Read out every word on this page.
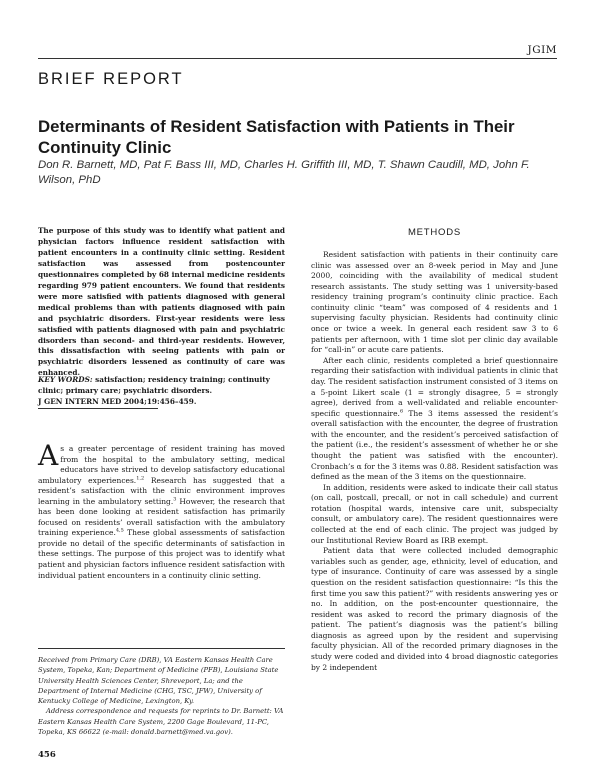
JGIM
BRIEF REPORT
Determinants of Resident Satisfaction with Patients in Their Continuity Clinic
Don R. Barnett, MD, Pat F. Bass III, MD, Charles H. Griffith III, MD, T. Shawn Caudill, MD, John F. Wilson, PhD
The purpose of this study was to identify what patient and physician factors influence resident satisfaction with patient encounters in a continuity clinic setting. Resident satisfaction was assessed from postencounter questionnaires completed by 68 internal medicine residents regarding 979 patient encounters. We found that residents were more satisfied with patients diagnosed with general medical problems than with patients diagnosed with pain and psychiatric disorders. First-year residents were less satisfied with patients diagnosed with pain and psychiatric disorders than second- and third-year residents. However, this dissatisfaction with seeing patients with pain or psychiatric disorders lessened as continuity of care was enhanced.
KEY WORDS: satisfaction; residency training; continuity clinic; primary care; psychiatric disorders.
J GEN INTERN MED 2004;19:456–459.
As a greater percentage of resident training has moved from the hospital to the ambulatory setting, medical educators have strived to develop satisfactory educational ambulatory experiences.$^{1,2}$ Research has suggested that a resident’s satisfaction with the clinic environment improves learning in the ambulatory setting.$^3$ However, the research that has been done looking at resident satisfaction has primarily focused on residents’ overall satisfaction with the ambulatory training experience.$^{4,5}$ These global assessments of satisfaction provide no detail of the specific determinants of satisfaction in these settings. The purpose of this project was to identify what patient and physician factors influence resident satisfaction with individual patient encounters in a continuity clinic setting.

Received from Primary Care (DRB), VA Eastern Kansas Health Care System, Topeka, Kan; Department of Medicine (PFB), Louisiana State University Health Sciences Center, Shreveport, La; and the Department of Internal Medicine (CHG, TSC, JFW), University of Kentucky College of Medicine, Lexington, Ky.

Address correspondence and requests for reprints to Dr. Barnett: VA Eastern Kansas Health Care System, 2200 Gage Boulevard, 11-PC, Topeka, KS 66622 (e-mail: donald.barnett@med.va.gov).

456
METHODS

Resident satisfaction with patients in their continuity care clinic was assessed over an 8-week period in May and June 2000, coinciding with the availability of medical student research assistants. The study setting was 1 university-based residency training program’s continuity clinic practice. Each continuity clinic “team” was composed of 4 residents and 1 supervising faculty physician. Residents had continuity clinic once or twice a week. In general each resident saw 3 to 6 patients per afternoon, with 1 time slot per clinic day available for “call-in” or acute care patients.

After each clinic, residents completed a brief questionnaire regarding their satisfaction with individual patients in clinic that day. The resident satisfaction instrument consisted of 3 items on a 5-point Likert scale (1 = strongly disagree, 5 = strongly agree), derived from a well-validated and reliable encounter-specific questionnaire.$^6$ The 3 items assessed the resident’s overall satisfaction with the encounter, the degree of frustration with the encounter, and the resident’s perceived satisfaction of the patient (i.e., the resident’s assessment of whether he or she thought the patient was satisfied with the encounter). Cronbach’s α for the 3 items was 0.88. Resident satisfaction was defined as the mean of the 3 items on the questionnaire.

In addition, residents were asked to indicate their call status (on call, postcall, precall, or not in call schedule) and current rotation (hospital wards, intensive care unit, subspecialty consult, or ambulatory care). The resident questionnaires were collected at the end of each clinic. The project was judged by our Institutional Review Board as IRB exempt.

Patient data that were collected included demographic variables such as gender, age, ethnicity, level of education, and type of insurance. Continuity of care was assessed by a single question on the resident satisfaction questionnaire: “Is this the first time you saw this patient?” with residents answering yes or no. In addition, on the post-encounter questionnaire, the resident was asked to record the primary diagnosis of the patient. The patient’s diagnosis was the patient’s billing diagnosis as agreed upon by the resident and supervising faculty physician. All of the recorded primary diagnoses in the study were coded and divided into 4 broad diagnostic categories by 2 independent
